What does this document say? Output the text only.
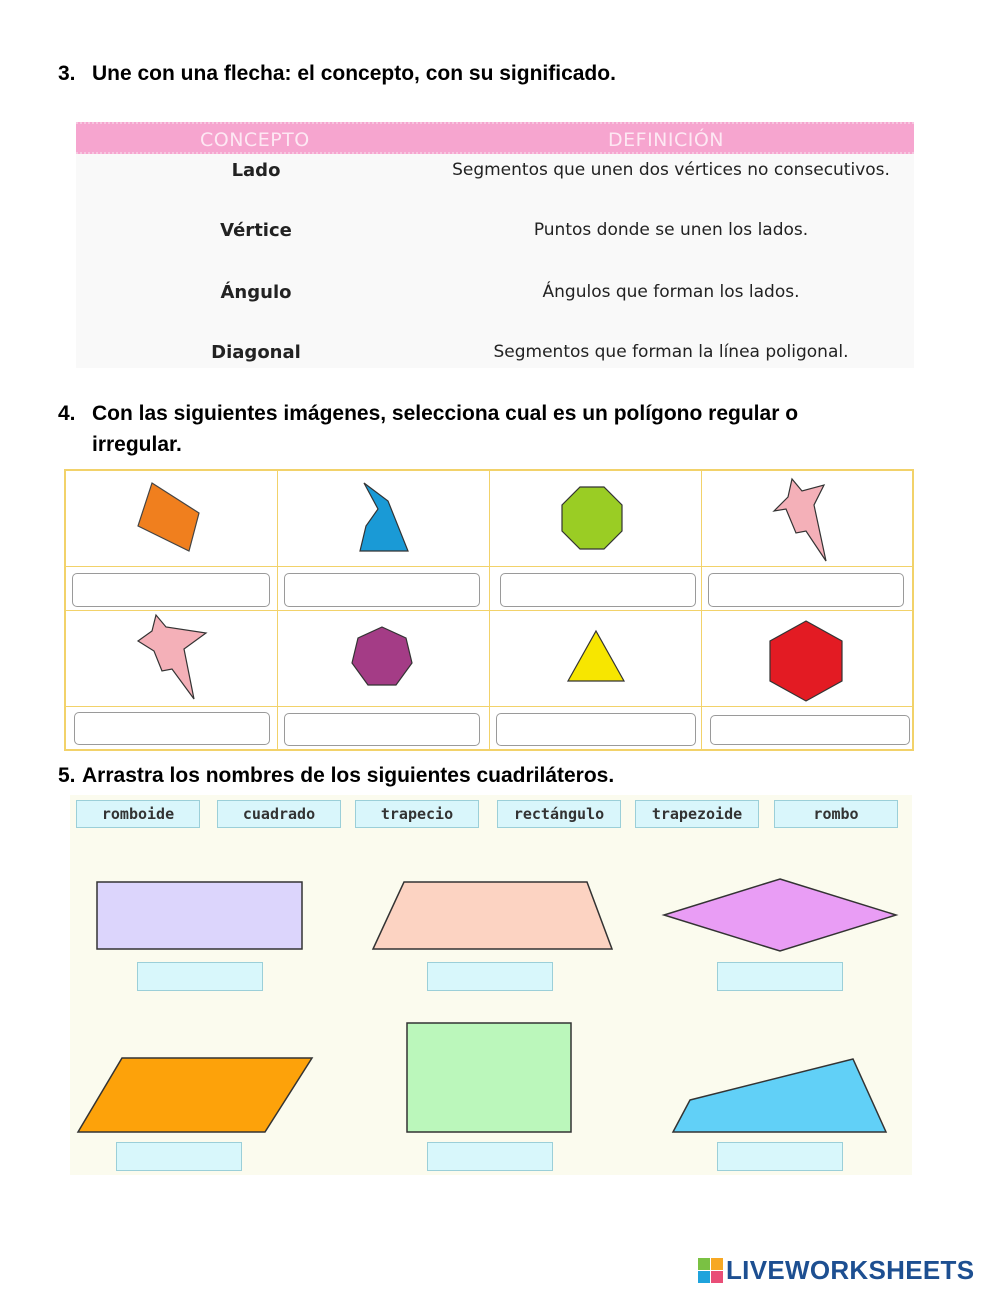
3. Une con una flecha: el concepto, con su significado.
CONCEPTO	DEFINICIÓN
Lado	Segmentos que unen dos vértices no consecutivos.
Vértice	Puntos donde se unen los lados.
Ángulo	Ángulos que forman los lados.
Diagonal	Segmentos que forman la línea poligonal.
4. Con las siguientes imágenes, selecciona cual es un polígono regular o
irregular.
5. Arrastra los nombres de los siguientes cuadriláteros.
romboide	cuadrado	trapecio	rectángulo	trapezoide	rombo
LIVEWORKSHEETS
